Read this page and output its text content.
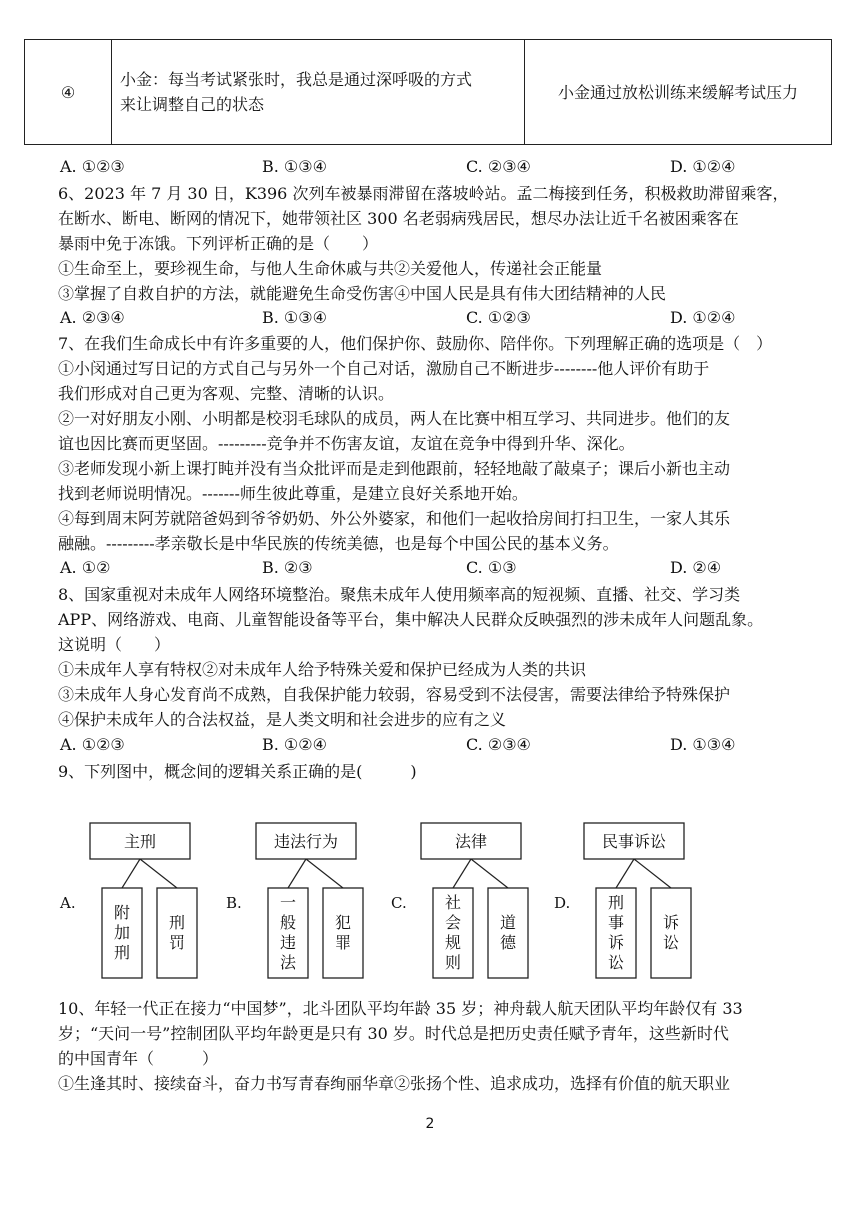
④	
小金：每当考试紧张时，我总是通过深呼吸的方式
来让调整自己的状态
	小金通过放松训练来缓解考试压力
A. ①②③	B. ①③④	C. ②③④	D. ①②④
6、2023 年 7 月 30 日，K396 次列车被暴雨滞留在落坡岭站。孟二梅接到任务，积极救助滞留乘客，
在断水、断电、断网的情况下，她带领社区 300 名老弱病残居民，想尽办法让近千名被困乘客在
暴雨中免于冻饿。下列评析正确的是（　　）
①生命至上，要珍视生命，与他人生命休戚与共②关爱他人，传递社会正能量
③掌握了自救自护的方法，就能避免生命受伤害④中国人民是具有伟大团结精神的人民
A. ②③④	B. ①③④	C. ①②③	D. ①②④
7、在我们生命成长中有许多重要的人，他们保护你、鼓励你、陪伴你。下列理解正确的选项是（　）
①小闵通过写日记的方式自己与另外一个自己对话，激励自己不断进步--------他人评价有助于
我们形成对自己更为客观、完整、清晰的认识。
②一对好朋友小刚、小明都是校羽毛球队的成员，两人在比赛中相互学习、共同进步。他们的友
谊也因比赛而更坚固。---------竞争并不伤害友谊，友谊在竞争中得到升华、深化。
③老师发现小新上课打盹并没有当众批评而是走到他跟前，轻轻地敲了敲桌子；课后小新也主动
找到老师说明情况。-------师生彼此尊重，是建立良好关系地开始。
④每到周末阿芳就陪爸妈到爷爷奶奶、外公外婆家，和他们一起收拾房间打扫卫生，一家人其乐
融融。---------孝亲敬长是中华民族的传统美德，也是每个中国公民的基本义务。
A. ①②	B. ②③	C. ①③	D. ②④
8、国家重视对未成年人网络环境整治。聚焦未成年人使用频率高的短视频、直播、社交、学习类
APP、网络游戏、电商、儿童智能设备等平台，集中解决人民群众反映强烈的涉未成年人问题乱象。
这说明（　　）
①未成年人享有特权②对未成年人给予特殊关爱和保护已经成为人类的共识
③未成年人身心发育尚不成熟，自我保护能力较弱，容易受到不法侵害，需要法律给予特殊保护
④保护未成年人的合法权益，是人类文明和社会进步的应有之义
A. ①②③	B. ①②④	C. ②③④	D. ①③④
9、下列图中，概念间的逻辑关系正确的是(　　　)
A.
主刑
附加刑
刑罚
B.
违法行为
一般违法
犯罪
C.
法律
社会规则
道德
D.
民事诉讼
刑事诉讼
诉讼
10、年轻一代正在接力“中国梦”，北斗团队平均年龄 35 岁；神舟载人航天团队平均年龄仅有 33
岁；“天问一号”控制团队平均年龄更是只有 30 岁。时代总是把历史责任赋予青年，这些新时代
的中国青年（　　　）
①生逢其时、接续奋斗，奋力书写青春绚丽华章②张扬个性、追求成功，选择有价值的航天职业
2
